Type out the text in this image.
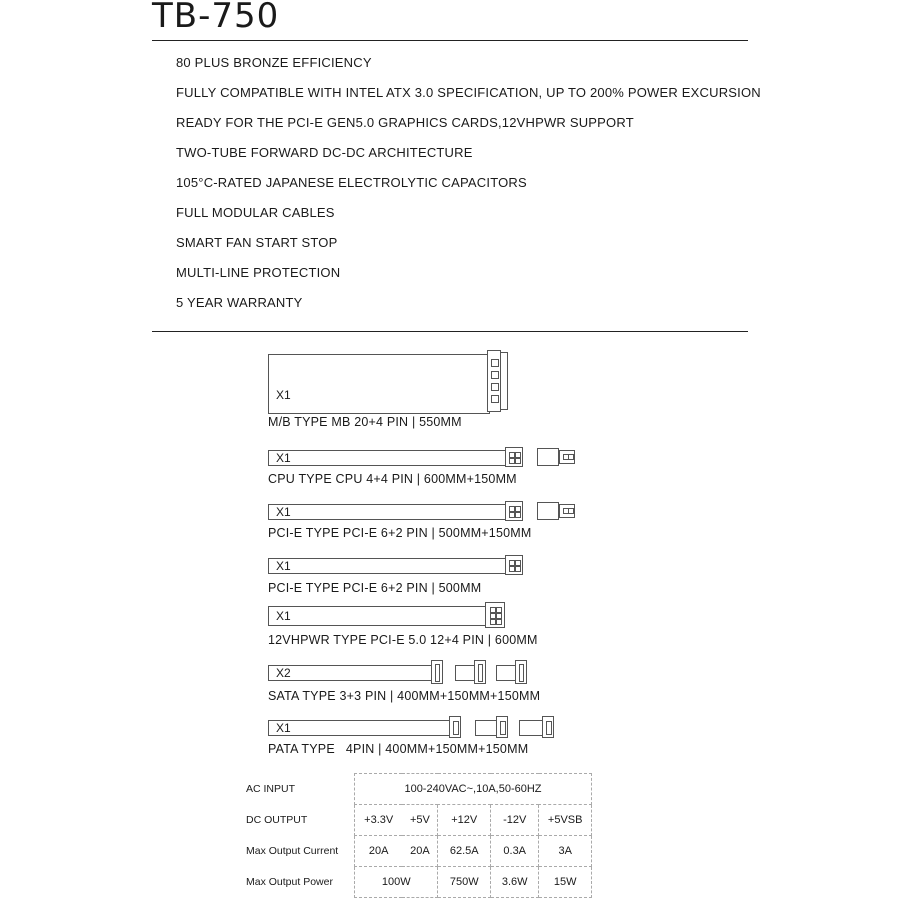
TB-750
80 PLUS BRONZE EFFICIENCY
FULLY COMPATIBLE WITH INTEL ATX 3.0 SPECIFICATION, UP TO 200% POWER EXCURSION
READY FOR THE PCI-E GEN5.0 GRAPHICS CARDS,12VHPWR SUPPORT
TWO-TUBE FORWARD DC-DC ARCHITECTURE
105°C-RATED JAPANESE ELECTROLYTIC CAPACITORS
FULL MODULAR CABLES
SMART FAN START STOP
MULTI-LINE PROTECTION
5 YEAR WARRANTY
X1
M/B TYPE MB 20+4 PIN | 550MM
X1
CPU TYPE CPU 4+4 PIN | 600MM+150MM
X1
PCI-E TYPE PCI-E 6+2 PIN | 500MM+150MM
X1
PCI-E TYPE PCI-E 6+2 PIN | 500MM
X1
12VHPWR TYPE PCI-E 5.0 12+4 PIN | 600MM
X2
SATA TYPE 3+3 PIN | 400MM+150MM+150MM
X1
PATA TYPE   4PIN | 400MM+150MM+150MM
AC INPUT	100-240VAC~,10A,50-60HZ				
DC OUTPUT	+3.3V	+5V	+12V	-12V	+5VSB
Max Output Current	20A	20A	62.5A	0.3A	3A
Max Output Power	100W		750W	3.6W	15W
